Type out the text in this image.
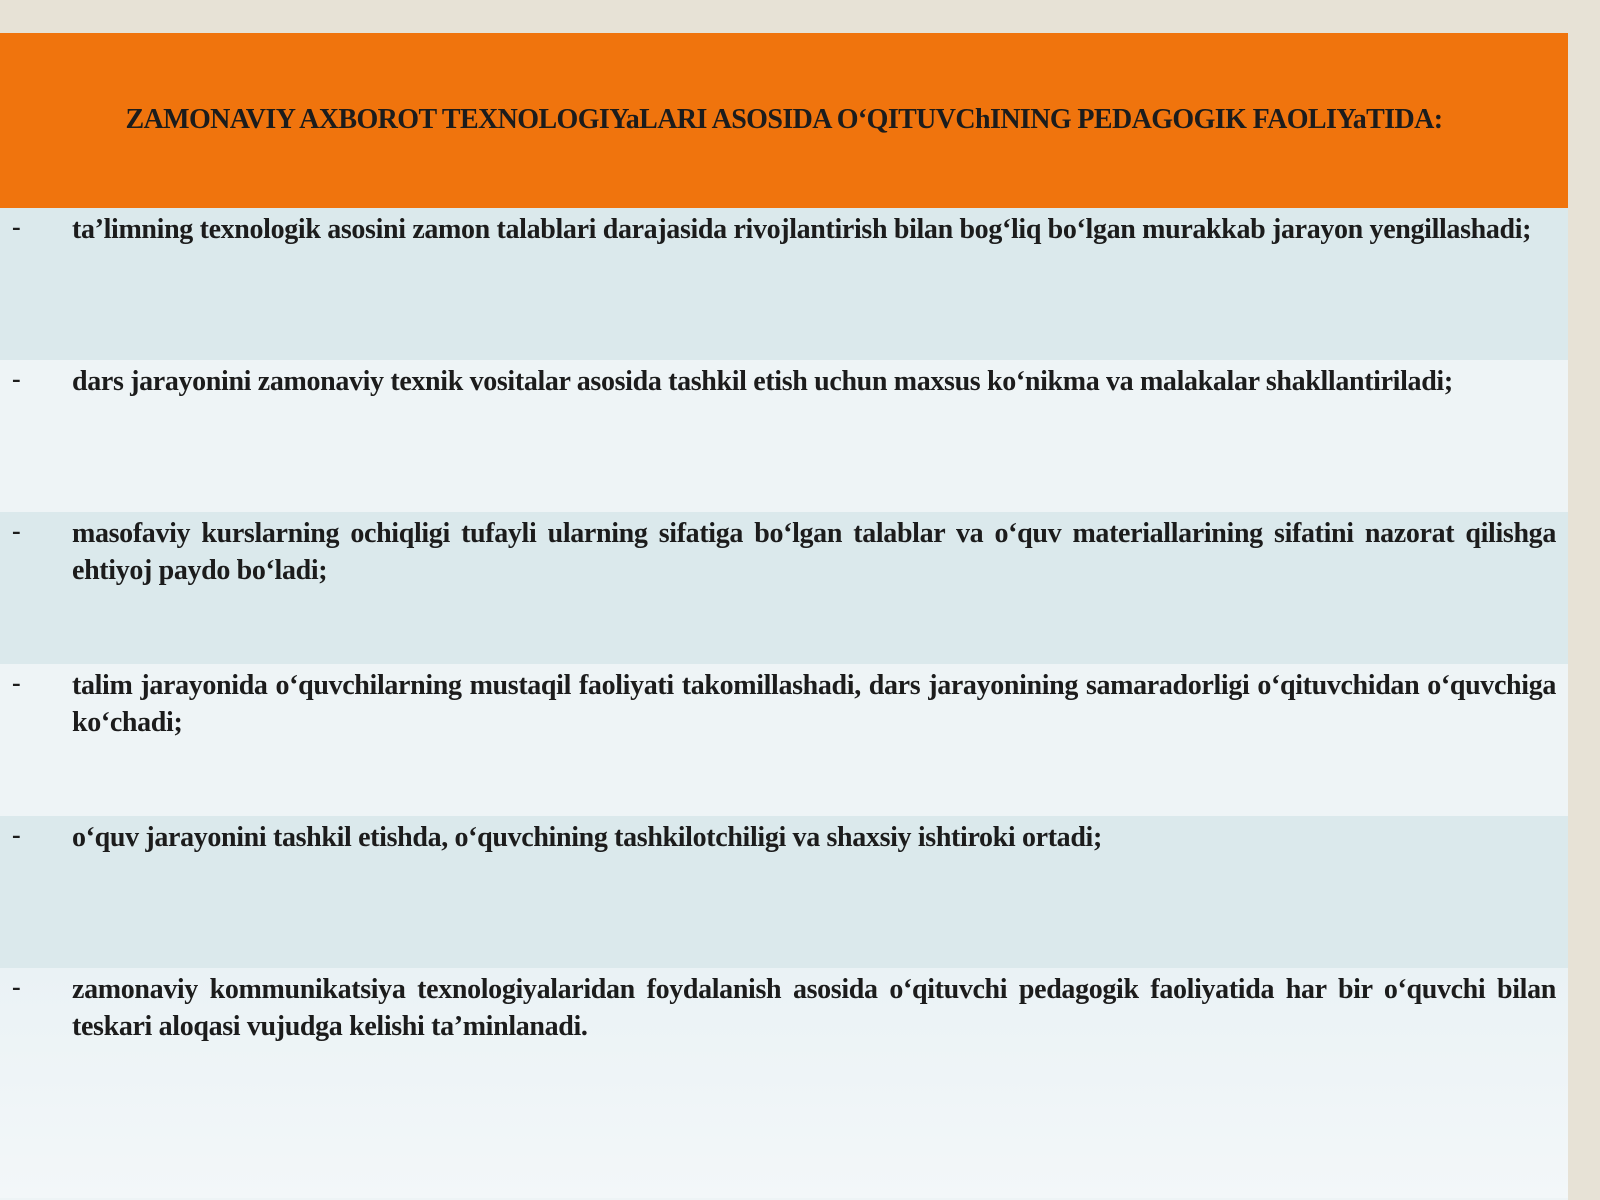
ZAMONAVIY AXBOROT TEXNOLOGIYaLARI ASOSIDA O‘QITUVChINING PEDAGOGIK FAOLIYaTIDA:
- ta’limning texnologik asosini zamon talablari darajasida rivojlantirish bilan bog‘liq bo‘lgan murakkab jarayon yengillashadi;

- dars jarayonini zamonaviy texnik vositalar asosida tashkil etish uchun maxsus ko‘nikma va malakalar shakllantiriladi;

- masofaviy kurslarning ochiqligi tufayli ularning sifatiga bo‘lgan talablar va o‘quv materiallarining sifatini nazorat qilishga ehtiyoj paydo bo‘ladi;

- talim jarayonida o‘quvchilarning mustaqil faoliyati takomillashadi, dars jarayonining samaradorligi o‘qituvchidan o‘quvchiga ko‘chadi;

- o‘quv jarayonini tashkil etishda, o‘quvchining tashkilotchiligi va shaxsiy ishtiroki ortadi;

- zamonaviy kommunikatsiya texnologiyalaridan foydalanish asosida o‘qituvchi pedagogik faoliyatida har bir o‘quvchi bilan teskari aloqasi vujudga kelishi ta’minlanadi.
